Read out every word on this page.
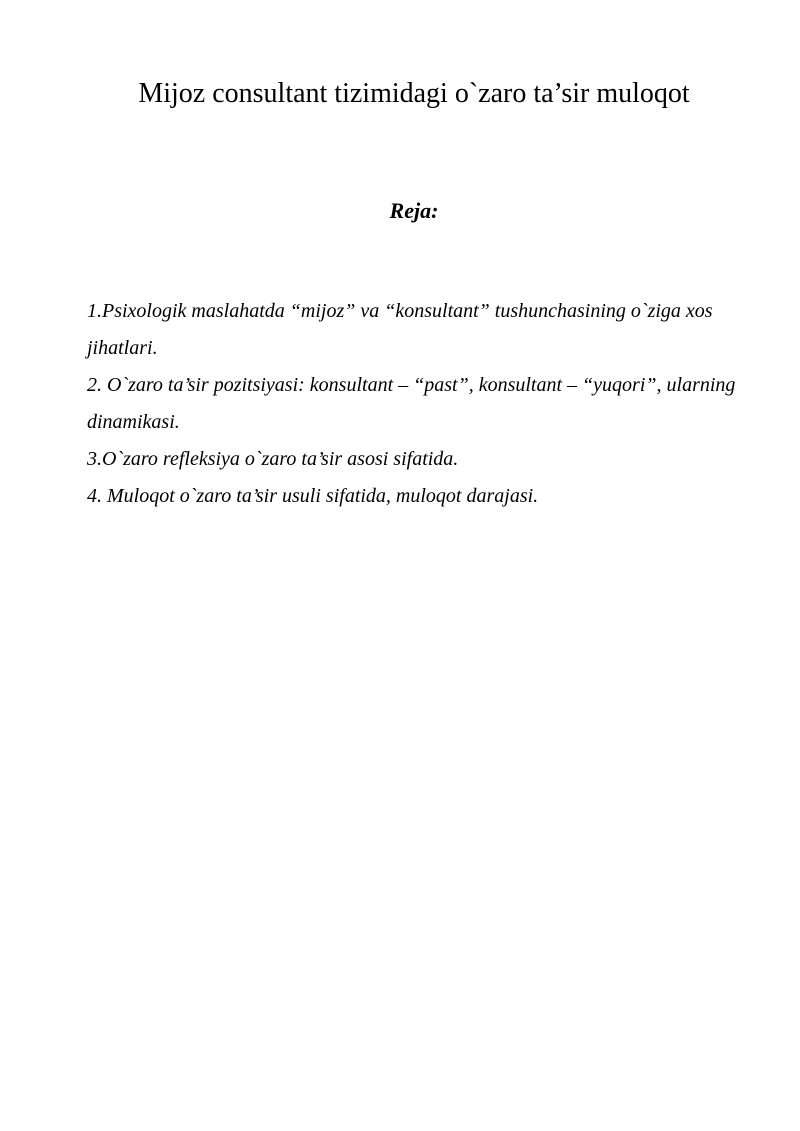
Mijoz consultant tizimidagi o`zaro ta’sir muloqot
Reja:
1.Psixologik maslahatda “mijoz” va “konsultant” tushunchasining o`ziga xos jihatlari.
2. O`zaro ta’sir pozitsiyasi: konsultant – “past”, konsultant – “yuqori”, ularning dinamikasi.
3.O`zaro refleksiya o`zaro ta’sir asosi sifatida.
4. Muloqot o`zaro ta’sir usuli sifatida, muloqot darajasi.
